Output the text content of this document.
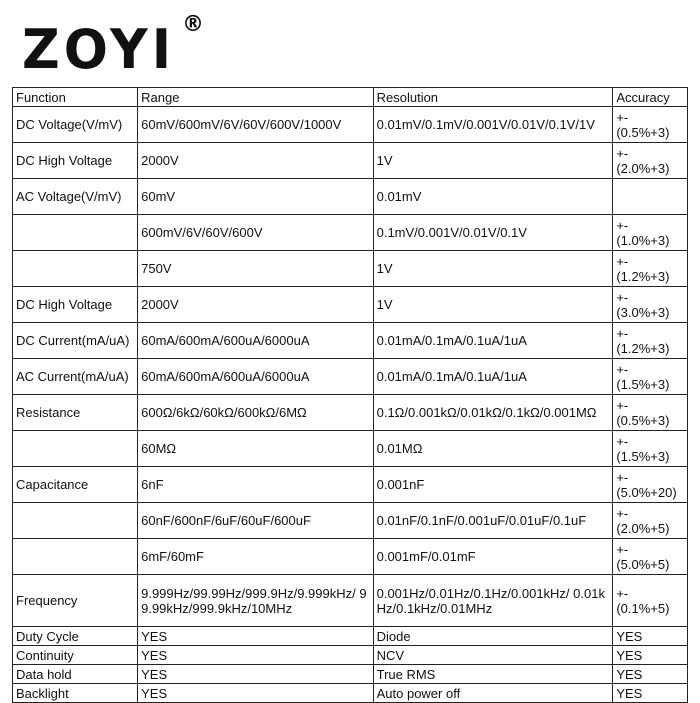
ZOYI ®
Function	Range	Resolution	Accuracy
DC Voltage(V/mV)	60mV/600mV/6V/60V/600V/1000V	0.01mV/0.1mV/0.001V/0.01V/0.1V/1V	+-
(0.5%+3)

DC High Voltage	2000V	1V	+-
(2.0%+3)

AC Voltage(V/mV)	60mV	0.01mV	

	600mV/6V/60V/600V	0.1mV/0.001V/0.01V/0.1V	+-
(1.0%+3)

	750V	1V	+-
(1.2%+3)

DC High Voltage	2000V	1V	+-
(3.0%+3)

DC Current(mA/uA)	60mA/600mA/600uA/6000uA	0.01mA/0.1mA/0.1uA/1uA	+-
(1.2%+3)

AC Current(mA/uA)	60mA/600mA/600uA/6000uA	0.01mA/0.1mA/0.1uA/1uA	+-
(1.5%+3)

Resistance	600Ω/6kΩ/60kΩ/600kΩ/6MΩ	0.1Ω/0.001kΩ/0.01kΩ/0.1kΩ/0.001MΩ	+-
(0.5%+3)

	60MΩ	0.01MΩ	+-
(1.5%+3)

Capacitance	6nF	0.001nF	+-
(5.0%+20)

	60nF/600nF/6uF/60uF/600uF	0.01nF/0.1nF/0.001uF/0.01uF/0.1uF	+-
(2.0%+5)

	6mF/60mF	0.001mF/0.01mF	+-
(5.0%+5)

Frequency	9.999Hz/99.99Hz/999.9Hz/9.999kHz/ 99.99kHz/999.9kHz/10MHz	0.001Hz/0.01Hz/0.1Hz/0.001kHz/ 0.01kHz/0.1kHz/0.01MHz	+-
(0.1%+5)

Duty Cycle	YES	Diode	YES
Continuity	YES	NCV	YES
Data hold	YES	True RMS	YES
Backlight	YES	Auto power off	YES
